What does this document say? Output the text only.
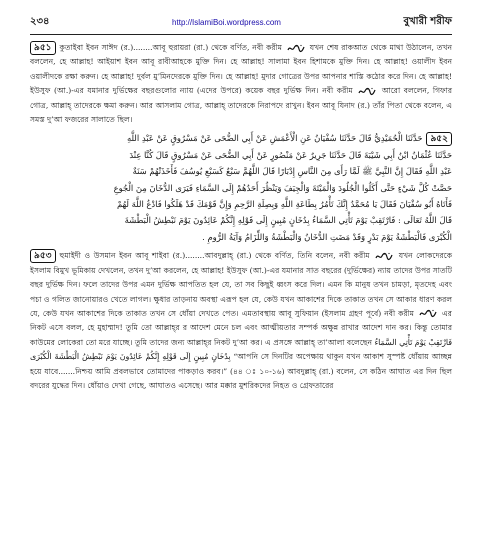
২৩৪	http://IslamiBoi.wordpress.com	বুখারী শরীফ

৯৫১ কুতাইবা ইবন সাঈদ (র.)........আবূ হুরায়রা (রা.) থেকে বর্ণিত, নবী করীম	যখন শেষ রাকআত থেকে মাথা উঠালেন, তখন বললেন, হে আল্লাহ! আইয়াশ ইবন আবূ রাবীআহকে মুক্তি দিন। হে আল্লাহ! সালামা ইবন হিশামকে মুক্তি দিন। হে আল্লাহ! ওয়ালীদ ইবন ওয়ালীদকে রক্ষা করুন। হে আল্লাহ! দুর্বল মু’মিনদেরকে মুক্তি দিন। হে আল্লাহ! মুদার গোত্রের উপর আপনার শাস্তি কঠোর করে দিন। হে আল্লাহ! ইউসুফ (আ.)-এর যমানার দুর্ভিক্ষের বছরগুলোর ন্যায় (এদের উপরে) কয়েক বছর দুর্ভিক্ষ দিন। নবী করীম	আরো বললেন, গিফার গোত্র, আল্লাহ্ তাদেরকে ক্ষমা করুন। আর আসলাম গোত্র, আল্লাহ্ তাদেরকে নিরাপদে রাখুন। ইবন আবূ যিনাদ (র.) তাঁর পিতা থেকে বলেন, এ সমস্ত দু’আ ফজরের সালাতে ছিল।

৯৫২حَدَّثَنَا الْحُمَيْدِيُّ قَالَ حَدَّثَنَا سُفْيَانُ عَنِ الْأَعْمَشِ عَنْ أَبِي الضُّحَى عَنْ مَسْرُوقٍ عَنْ عَبْدِ اللَّهِ

حَدَّثَنَا عُثْمَانُ ابْنُ أَبِي شَيْبَةَ قَالَ حَدَّثَنَا جَرِيرٌ عَنْ مَنْصُورٍ عَنْ أَبِي الضُّحَى عَنْ مَسْرُوقٍ قَالَ كُنَّا عِنْدَ

عَبْدِ اللَّهِ فَقَالَ إِنَّ النَّبِيَّ ﷺ لَمَّا رَأَى مِنَ النَّاسِ إِدْبَارًا قَالَ اللَّهُمَّ سَبْعٌ كَسَبْعِ يُوسُفَ فَأَخَذَتْهُمْ سَنَةٌ

حَصَّتْ كُلَّ شَيْءٍ حَتَّى أَكَلُوا الْجُلُودَ وَالْمَيْتَةَ وَالْجِيَفَ وَيَنْظُرَ أَحَدُهُمْ إِلَى السَّمَاءِ فَيَرَى الدُّخَانَ مِنَ الْجُوعِ

فَأَتَاهُ أَبُو سُفْيَانَ فَقَالَ يَا مُحَمَّدُ إِنَّكَ تَأْمُرُ بِطَاعَةِ اللَّهِ وَبِصِلَةِ الرَّحِمِ وَإِنَّ قَوْمَكَ قَدْ هَلَكُوا فَادْعُ اللَّهَ لَهُمْ

قَالَ اللَّهُ تَعَالَى : فَارْتَقِبْ يَوْمَ تَأْتِي السَّمَاءُ بِدُخَانٍ مُبِينٍ إِلَى قَوْلِهِ إِنَّكُمْ عَائِدُونَ يَوْمَ نَبْطِشُ الْبَطْشَةَ

الْكُبْرَى فَالْبَطْشَةُ يَوْمَ بَدْرٍ وَقَدْ مَضَتِ الدُّخَانُ وَالْبَطْشَةُ وَاللِّزَامُ وَآيَةُ الرُّومِ .

৯৫৩ হুমাইদী ও উসমান ইবন আবূ শাইবা (র.)........আবদুল্লাহ্ (রা.) থেকে বর্ণিত, তিনি বলেন, নবী করীম	যখন লোকদেরকে ইসলাম বিমুখ ভূমিকায় দেখলেন, তখন দু’আ করলেন, হে আল্লাহ! ইউসুফ (আ.)-এর যমানার সাত বছরের (দুর্ভিক্ষের) ন্যায় তাদের উপর সাতটি বছর দুর্ভিক্ষ দিন। ফলে তাদের উপর এমন দুর্ভিক্ষ আপতিত হল যে, তা সব কিছুই ধ্বংস করে দিল। এমন কি মানুষ তখন চামড়া, মৃতদেহ এবং পচা ও গলিত জানোয়ারও খেতে লাগল। ক্ষুধার তাড়নায় অবস্থা এরূপ হল যে, কেউ যখন আকাশের দিকে তাকাত তখন সে আকার ধারণ করল যে, কেউ যখন আকাশের দিকে তাকাত তখন সে ধোঁয়া দেখতে পেত। এমতাবস্থায় আবূ সুফিয়ান (ইসলাম গ্রহণ পূর্বে) নবী করীম	এর নিকট এসে বলল, হে মুহাম্মাদ! তুমি তো আল্লাহ্‌র র আদেশ মেনে চল এবং আত্মীয়তার সম্পর্ক অক্ষুন্ন রাখার আদেশ দান কর। কিন্তু তোমার কাউমের লোকেরা তো মরে যাচ্ছে। তুমি তাদের জন্য আল্লাহ্‌র নিকট দু’আ কর। এ প্রসঙ্গে আল্লাহ্ তা’আলা বলেছেন فَارْتَقِبْ يَوْمَ تَأْتِي السَّمَاءُ بِدُخَانٍ مُبِينٍ إِلَى قَوْلِهِ إِنَّكُمْ عَائِدُونَ يَوْمَ نَبْطِشُ الْبَطْشَةَ الْكُبْرَى “আপনি সে দিনটির অপেক্ষায় থাকুন যখন আকাশ সুস্পষ্ট ধোঁয়ায় আচ্ছন্ন হয়ে যাবে.......নিশ্চয় আমি প্রবলভাবে তোমাদের পাকড়াও করব।” (৪৪ ঃ ১০-১৬) আবদুল্লাহ্ (রা.) বলেন, সে কঠিন আঘাত এর দিন ছিল বদরের যুদ্ধের দিন। ধোঁয়াও দেখা গেছে, আঘাতও এসেছে। আর মক্কার মুশরিকদের নিহত ও গ্রেফতারের
